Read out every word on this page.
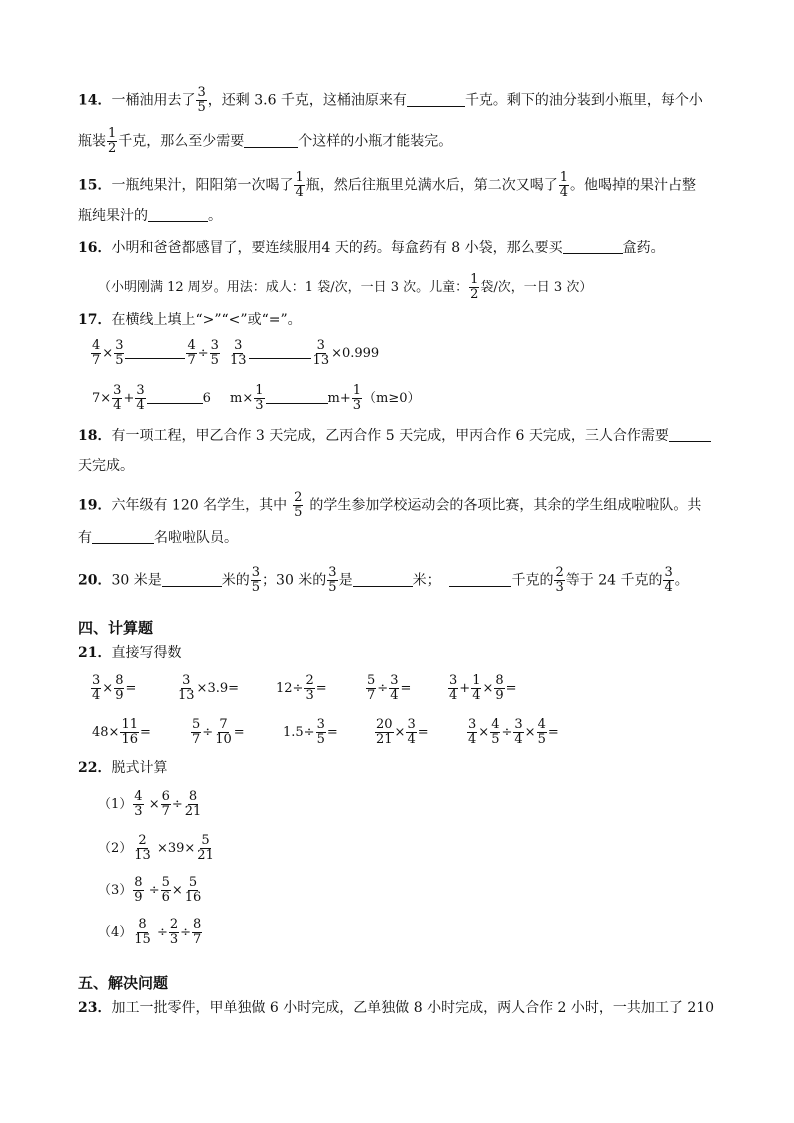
14．一桶油用去了 $\frac{3}{5}$ ，还剩 3.6 千克，这桶油原来有	千克。剩下的油分装到小瓶里，每个小
瓶装 $\frac{1}{2}$ 千克，那么至少需要	个这样的小瓶才能装完。
15．一瓶纯果汁，阳阳第一次喝了 $\frac{1}{4}$ 瓶，然后往瓶里兑满水后，第二次又喝了 $\frac{1}{4}$ 。他喝掉的果汁占整
瓶纯果汁的	。
16．小明和爸爸都感冒了，要连续服用4 天的药。每盒药有 8 小袋，那么要买	盒药。
（小明刚满 12 周岁。用法：成人：1 袋/次，一日 3 次。儿童： $\frac{1}{2}$ 袋/次，一日 3 次）
17．在横线上填上“>”“<”或“=”。
$\frac{4}{7} \times \frac{3}{5}$	$\frac{4}{7} \div \frac{3}{5} \frac{3}{13}$	$\frac{3}{13} \times 0.999$
$7\times \frac{3}{4} + \frac{3}{4}$	6 $m\times \frac{1}{3}$	$m+ \frac{1}{3} (m\ge 0)$
18．有一项工程，甲乙合作 3 天完成，乙丙合作 5 天完成，甲丙合作 6 天完成，三人合作需要
天完成。
19．六年级有 120 名学生，其中 $\frac{2}{5}$ 的学生参加学校运动会的各项比赛，其余的学生组成啦啦队。共
有	名啦啦队员。
20．30 米是	米的 $\frac{3}{5}$ ；30 米的 $\frac{3}{5}$ 是	米；	千克的 $\frac{2}{3}$ 等于 24 千克的 $\frac{3}{4}$ 。
四、计算题
21．直接写得数
$\frac{3}{4} \times \frac{8}{9}$ =	$\frac{3}{13} \times 3.9=$	$12\div \frac{2}{3}$ =	$\frac{5}{7} \div \frac{3}{4}$ =	$\frac{3}{4} + \frac{1}{4} \times \frac{8}{9}$ =
$48\times \frac{11}{16}$ =	$\frac{5}{7} \div \frac{7}{10}$ =	$1.5\div \frac{3}{5}$ =	$\frac{20}{21} \times \frac{3}{4}$ =	$\frac{3}{4} \times \frac{4}{5} \div \frac{3}{4} \times \frac{4}{5}$ =
22．脱式计算
$(1) \frac{4}{3} \times \frac{6}{7} \div \frac{8}{21}$
$(2) \frac{2}{13} \times 39\times \frac{5}{21}$
$(3) \frac{8}{9} \div \frac{5}{6} \times \frac{5}{16}$
$(4) \frac{8}{15} \div \frac{2}{3} \div \frac{8}{7}$
五、解决问题
23．加工一批零件，甲单独做 6 小时完成，乙单独做 8 小时完成，两人合作 2 小时，一共加工了 210
